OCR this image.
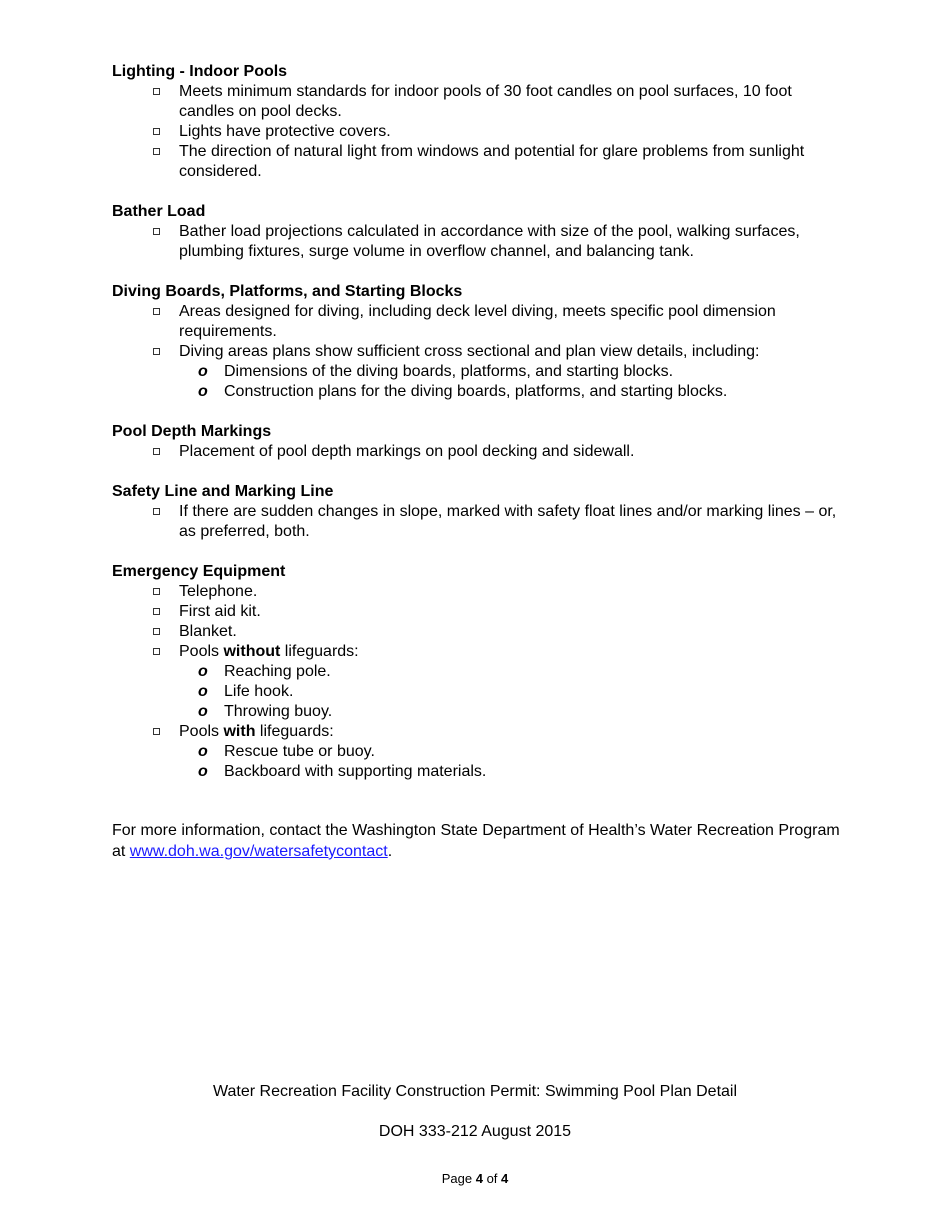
Lighting - Indoor Pools
Meets minimum standards for indoor pools of 30 foot candles on pool surfaces, 10 foot candles on pool decks.
Lights have protective covers.
The direction of natural light from windows and potential for glare problems from sunlight considered.
Bather Load
Bather load projections calculated in accordance with size of the pool, walking surfaces, plumbing fixtures, surge volume in overflow channel, and balancing tank.
Diving Boards, Platforms, and Starting Blocks
Areas designed for diving, including deck level diving, meets specific pool dimension requirements.
Diving areas plans show sufficient cross sectional and plan view details, including:
o Dimensions of the diving boards, platforms, and starting blocks.
o Construction plans for the diving boards, platforms, and starting blocks.
Pool Depth Markings
Placement of pool depth markings on pool decking and sidewall.
Safety Line and Marking Line
If there are sudden changes in slope, marked with safety float lines and/or marking lines – or, as preferred, both.
Emergency Equipment
Telephone.
First aid kit.
Blanket.
Pools without lifeguards:
o Reaching pole.
o Life hook.
o Throwing buoy.
Pools with lifeguards:
o Rescue tube or buoy.
o Backboard with supporting materials.

For more information, contact the Washington State Department of Health’s Water Recreation Program at www.doh.wa.gov/watersafetycontact.

Water Recreation Facility Construction Permit: Swimming Pool Plan Detail
DOH 333-212 August 2015
Page 4 of 4
